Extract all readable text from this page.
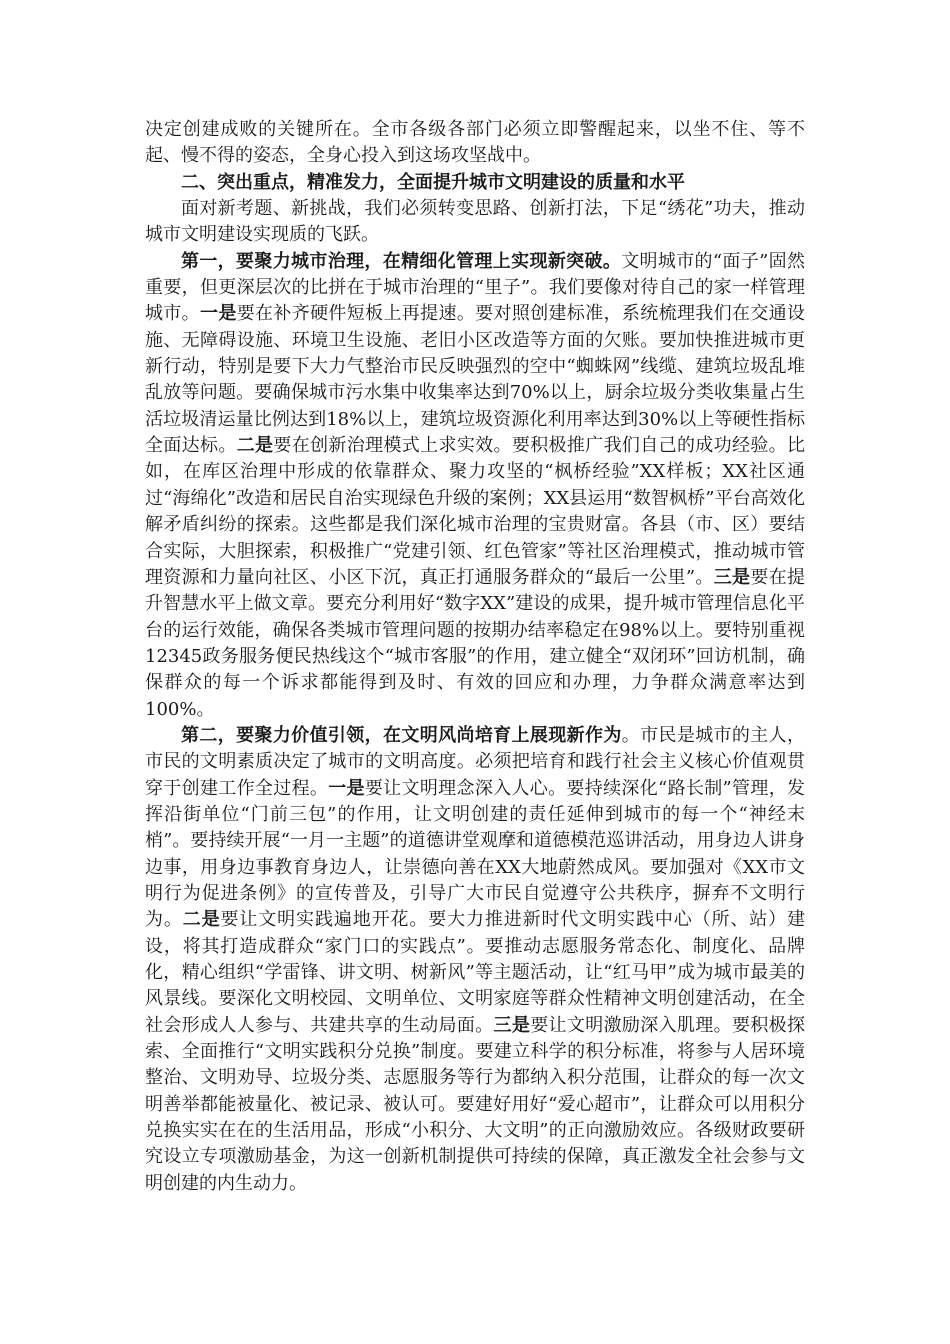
决定创建成败的关键所在。全市各级各部门必须立即警醒起来，以坐不住、等不起、慢不得的姿态，全身心投入到这场攻坚战中。

二、突出重点，精准发力，全面提升城市文明建设的质量和水平

面对新考题、新挑战，我们必须转变思路、创新打法，下足“绣花”功夫，推动城市文明建设实现质的飞跃。

第一，要聚力城市治理，在精细化管理上实现新突破。文明城市的“面子”固然重要，但更深层次的比拼在于城市治理的“里子”。我们要像对待自己的家一样管理城市。一是要在补齐硬件短板上再提速。要对照创建标准，系统梳理我们在交通设施、无障碍设施、环境卫生设施、老旧小区改造等方面的欠账。要加快推进城市更新行动，特别是要下大力气整治市民反映强烈的空中“蜘蛛网”线缆、建筑垃圾乱堆乱放等问题。要确保城市污水集中收集率达到70%以上，厨余垃圾分类收集量占生活垃圾清运量比例达到18%以上，建筑垃圾资源化利用率达到30%以上等硬性指标全面达标。二是要在创新治理模式上求实效。要积极推广我们自己的成功经验。比如，在库区治理中形成的依靠群众、聚力攻坚的“枫桥经验”XX样板；XX社区通过“海绵化”改造和居民自治实现绿色升级的案例；XX县运用“数智枫桥”平台高效化解矛盾纠纷的探索。这些都是我们深化城市治理的宝贵财富。各县（市、区）要结合实际，大胆探索，积极推广“党建引领、红色管家”等社区治理模式，推动城市管理资源和力量向社区、小区下沉，真正打通服务群众的“最后一公里”。三是要在提升智慧水平上做文章。要充分利用好“数字XX”建设的成果，提升城市管理信息化平台的运行效能，确保各类城市管理问题的按期办结率稳定在98%以上。要特别重视12345政务服务便民热线这个“城市客服”的作用，建立健全“双闭环”回访机制，确保群众的每一个诉求都能得到及时、有效的回应和办理，力争群众满意率达到100%。

第二，要聚力价值引领，在文明风尚培育上展现新作为。市民是城市的主人，市民的文明素质决定了城市的文明高度。必须把培育和践行社会主义核心价值观贯穿于创建工作全过程。一是要让文明理念深入人心。要持续深化“路长制”管理，发挥沿街单位“门前三包”的作用，让文明创建的责任延伸到城市的每一个“神经末梢”。要持续开展“一月一主题”的道德讲堂观摩和道德模范巡讲活动，用身边人讲身边事，用身边事教育身边人，让崇德向善在XX大地蔚然成风。要加强对《XX市文明行为促进条例》的宣传普及，引导广大市民自觉遵守公共秩序，摒弃不文明行为。二是要让文明实践遍地开花。要大力推进新时代文明实践中心（所、站）建设，将其打造成群众“家门口的实践点”。要推动志愿服务常态化、制度化、品牌化，精心组织“学雷锋、讲文明、树新风”等主题活动，让“红马甲”成为城市最美的风景线。要深化文明校园、文明单位、文明家庭等群众性精神文明创建活动，在全社会形成人人参与、共建共享的生动局面。三是要让文明激励深入肌理。要积极探索、全面推行“文明实践积分兑换”制度。要建立科学的积分标准，将参与人居环境整治、文明劝导、垃圾分类、志愿服务等行为都纳入积分范围，让群众的每一次文明善举都能被量化、被记录、被认可。要建好用好“爱心超市”，让群众可以用积分兑换实实在在的生活用品，形成“小积分、大文明”的正向激励效应。各级财政要研究设立专项激励基金，为这一创新机制提供可持续的保障，真正激发全社会参与文明创建的内生动力。
